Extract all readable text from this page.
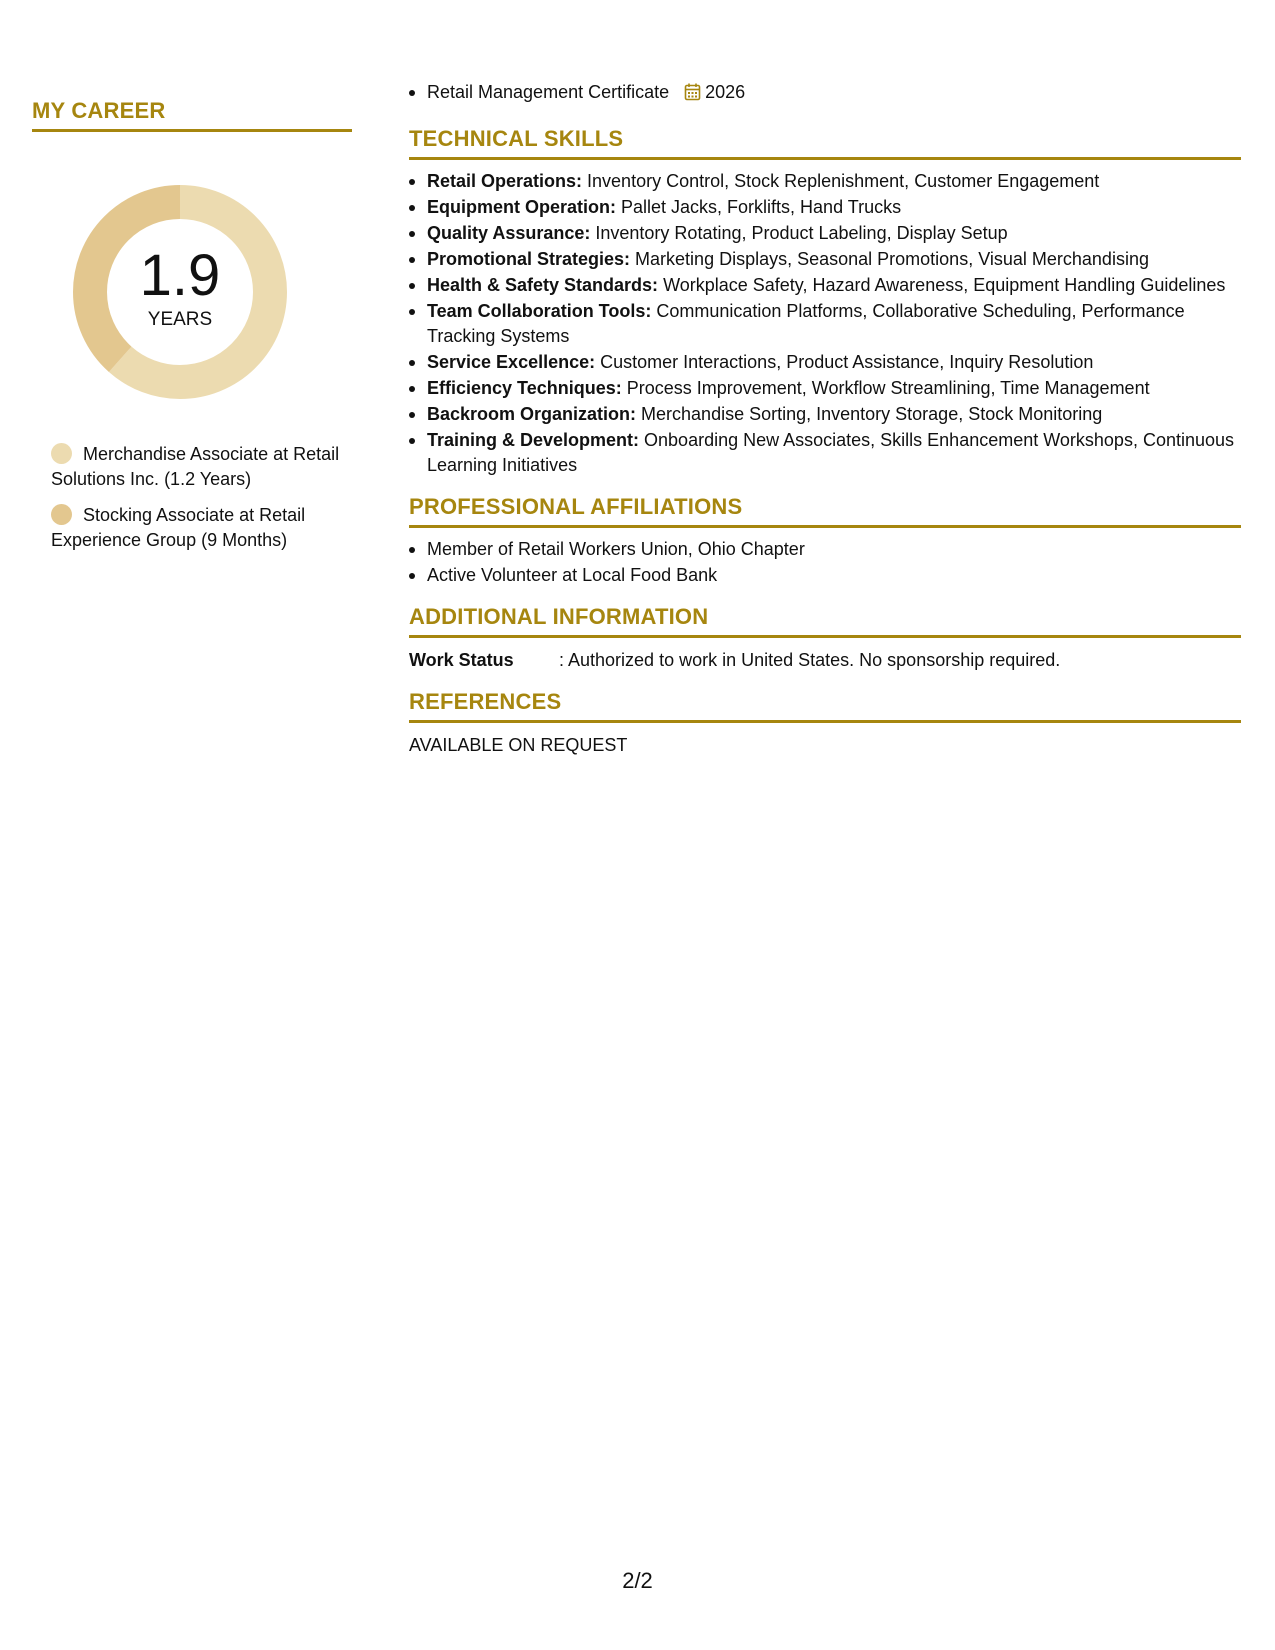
MY CAREER
1.9
YEARS
Merchandise Associate at Retail Solutions Inc. (1.2 Years)
Stocking Associate at Retail Experience Group (9 Months)
Retail Management Certificate 2026
TECHNICAL SKILLS
Retail Operations: Inventory Control, Stock Replenishment, Customer Engagement
Equipment Operation: Pallet Jacks, Forklifts, Hand Trucks
Quality Assurance: Inventory Rotating, Product Labeling, Display Setup
Promotional Strategies: Marketing Displays, Seasonal Promotions, Visual Merchandising
Health & Safety Standards: Workplace Safety, Hazard Awareness, Equipment Handling Guidelines
Team Collaboration Tools: Communication Platforms, Collaborative Scheduling, Performance Tracking Systems
Service Excellence: Customer Interactions, Product Assistance, Inquiry Resolution
Efficiency Techniques: Process Improvement, Workflow Streamlining, Time Management
Backroom Organization: Merchandise Sorting, Inventory Storage, Stock Monitoring
Training & Development: Onboarding New Associates, Skills Enhancement Workshops, Continuous Learning Initiatives
PROFESSIONAL AFFILIATIONS
Member of Retail Workers Union, Ohio Chapter
Active Volunteer at Local Food Bank
ADDITIONAL INFORMATION
Work Status	: Authorized to work in United States. No sponsorship required.
REFERENCES
AVAILABLE ON REQUEST
2/2
